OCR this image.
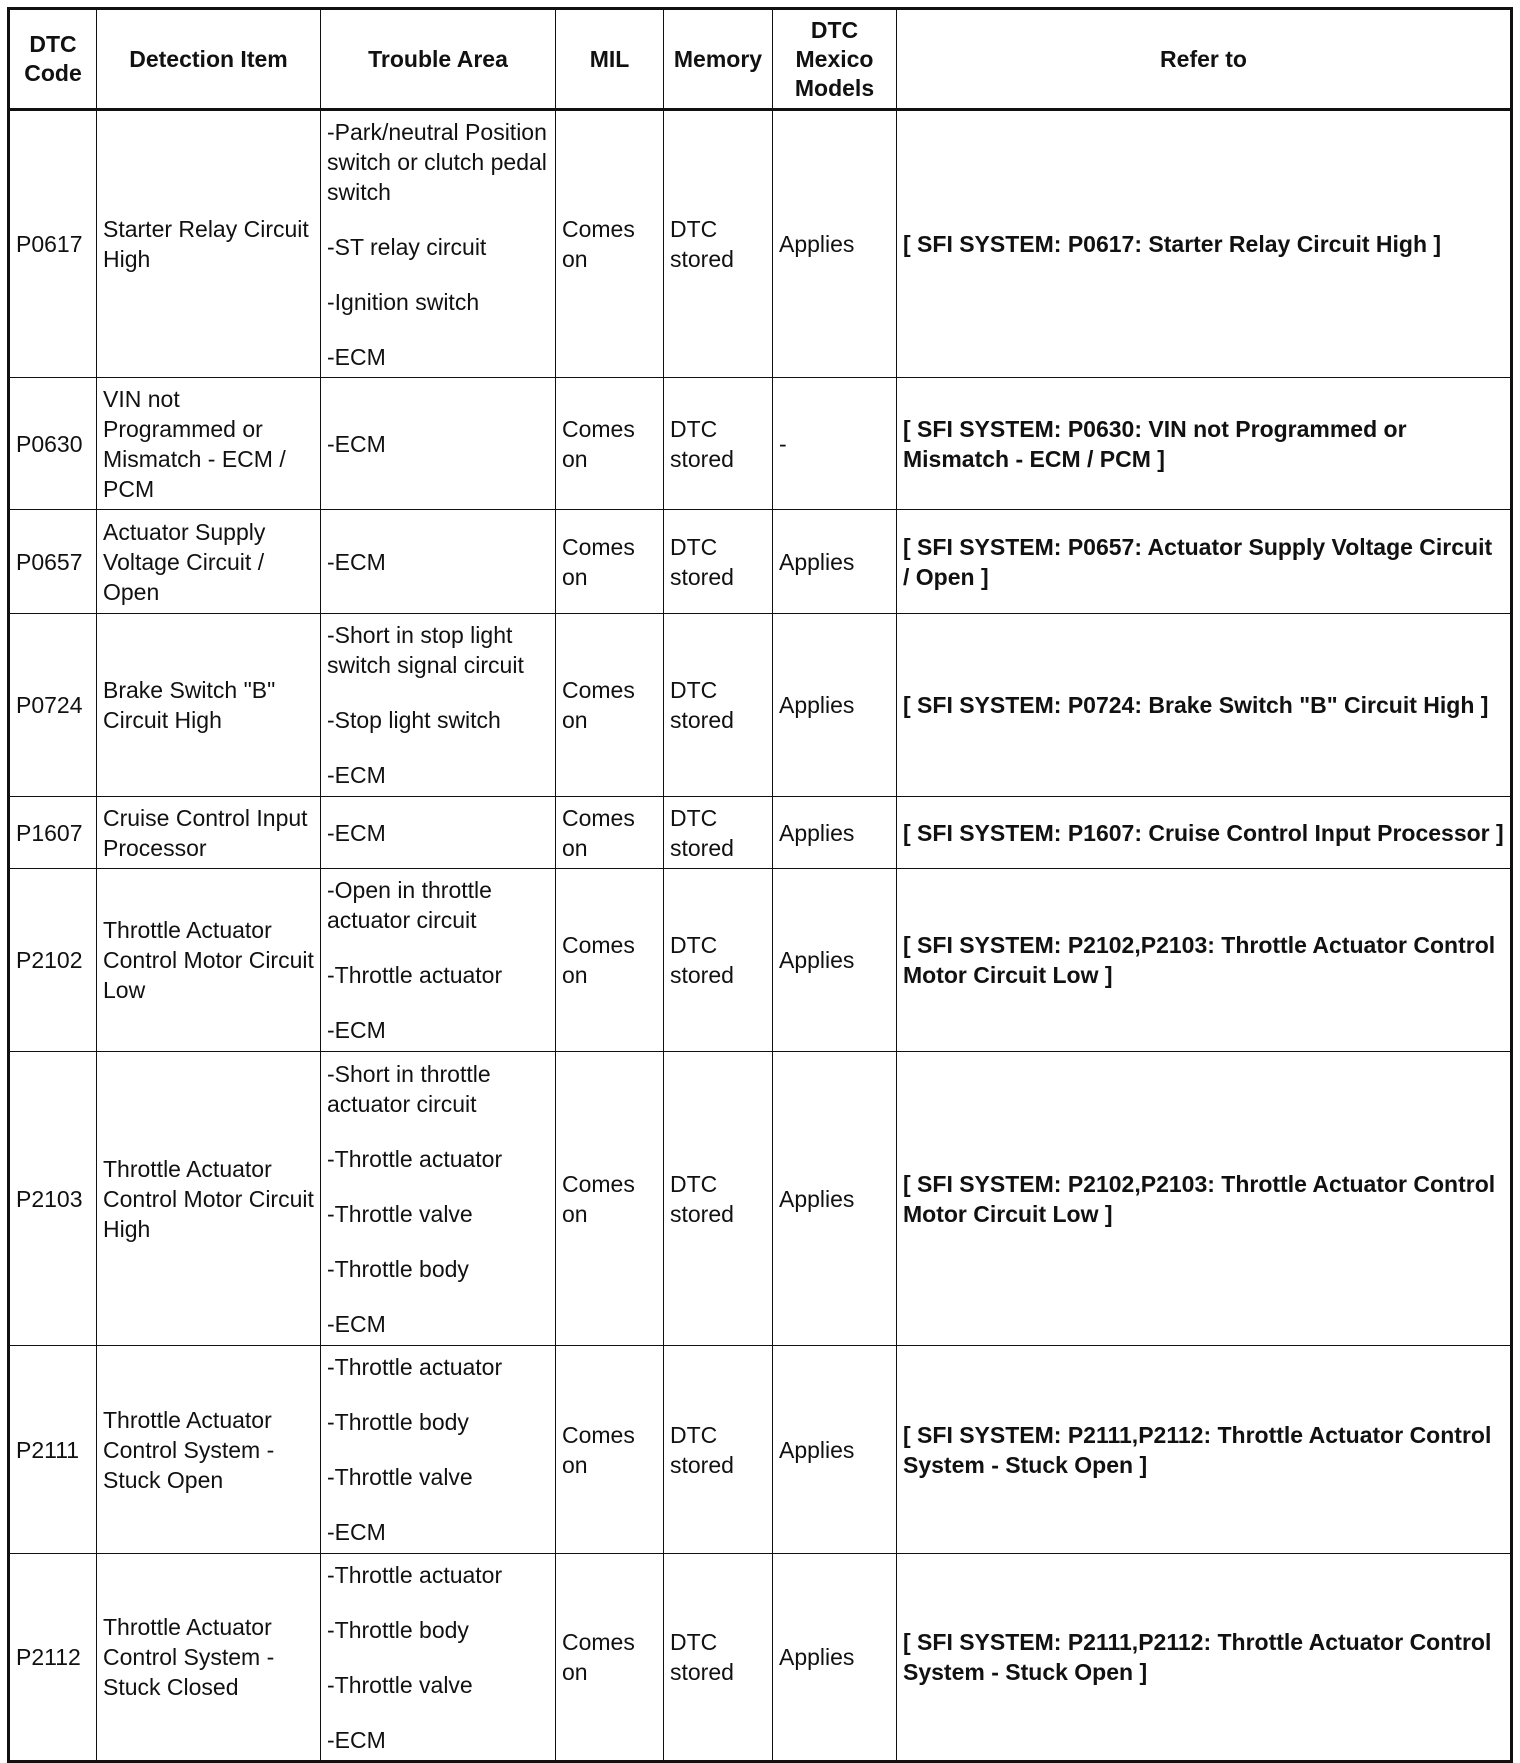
DTC Code	Detection Item	Trouble Area	MIL	Memory	DTC Mexico Models	Refer to
P0617	Starter Relay Circuit High	-Park/neutral Position switch or clutch pedal switch
-ST relay circuit
-Ignition switch
-ECM	Comes on	DTC stored	Applies	[ SFI SYSTEM: P0617: Starter Relay Circuit High ]
P0630	VIN not Programmed or Mismatch - ECM / PCM	-ECM	Comes on	DTC stored	-	[ SFI SYSTEM: P0630: VIN not Programmed or Mismatch - ECM / PCM ]
P0657	Actuator Supply Voltage Circuit / Open	-ECM	Comes on	DTC stored	Applies	[ SFI SYSTEM: P0657: Actuator Supply Voltage Circuit / Open ]
P0724	Brake Switch "B" Circuit High	-Short in stop light switch signal circuit
-Stop light switch
-ECM	Comes on	DTC stored	Applies	[ SFI SYSTEM: P0724: Brake Switch "B" Circuit High ]
P1607	Cruise Control Input Processor	-ECM	Comes on	DTC stored	Applies	[ SFI SYSTEM: P1607: Cruise Control Input Processor ]
P2102	Throttle Actuator Control Motor Circuit Low	-Open in throttle actuator circuit
-Throttle actuator
-ECM	Comes on	DTC stored	Applies	[ SFI SYSTEM: P2102,P2103: Throttle Actuator Control Motor Circuit Low ]
P2103	Throttle Actuator Control Motor Circuit High	-Short in throttle actuator circuit
-Throttle actuator
-Throttle valve
-Throttle body
-ECM	Comes on	DTC stored	Applies	[ SFI SYSTEM: P2102,P2103: Throttle Actuator Control Motor Circuit Low ]
P2111	Throttle Actuator Control System - Stuck Open	-Throttle actuator
-Throttle body
-Throttle valve
-ECM	Comes on	DTC stored	Applies	[ SFI SYSTEM: P2111,P2112: Throttle Actuator Control System - Stuck Open ]
P2112	Throttle Actuator Control System - Stuck Closed	-Throttle actuator
-Throttle body
-Throttle valve
-ECM	Comes on	DTC stored	Applies	[ SFI SYSTEM: P2111,P2112: Throttle Actuator Control System - Stuck Open ]
